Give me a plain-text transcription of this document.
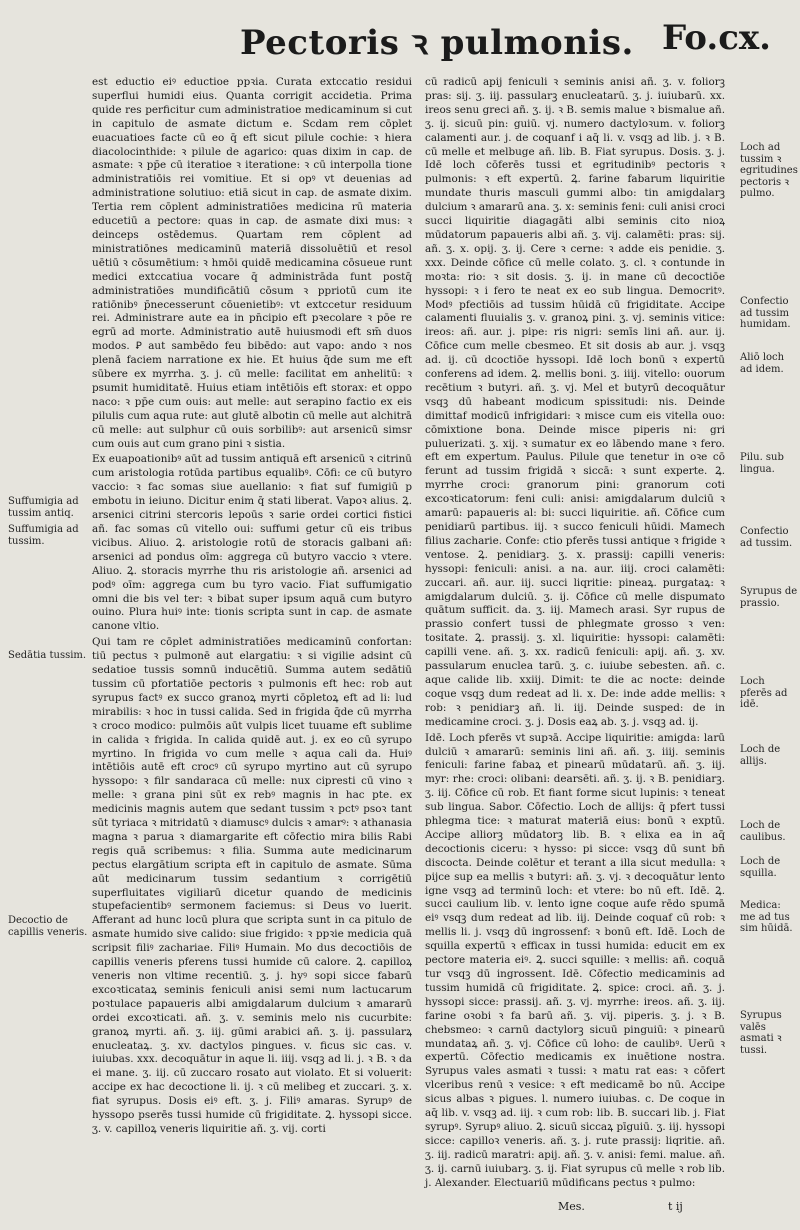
Pectoris ꝛ pulmonis. Fo.cx.
Suffumigia ad tussim antiq.
Suffumigia ad tussim.
Sedātia tussim.
Decoctio de capillis veneris.

est eductio eiꝰ eductioe ppꝛia. Curata extccatio residui superflui humidi eius. Quanta corrigit accidetia. Prima quide res perficitur cum administratioe medicaminum si cut in capitulo de asmate dictum e. Scdam rem cōplet euacuatioes facte cū eo q̄ eft sicut pilule cochie: ꝛ hiera diacolocinthide: ꝛ pilule de agarico: quas dixim in cap. de asmate: ꝛ pp̄e cū iteratioe ꝛ iteratione: ꝛ cū interpolla tione administratiōis rei vomitiue. Et si opꝰ vt deuenias ad administratione solutiuo: etiā sicut in cap. de asmate dixim. Tertia rem cōplent administratiōes medicina rū materia educetiū a pectore: quas in cap. de asmate dixi mus: ꝛ deinceps ostēdemus. Quartam rem cōplent ad ministratiōnes medicaminū materiā dissoluētiū et resol uētiū ꝛ cōsumētium: ꝛ hmōi quidē medicamina cōsueue runt medici extccatiua vocare q̄ administrāda funt postq̄ administratiōes mundificātiū cōsum ꝛ ppriotū cum ite ratiōnibꝰ p̄necesserunt cōuenietibꝰ: vt extccetur residuum rei. Administrare aute ea in pn̄cipio eft pꝛecolare ꝛ pōe re egrū ad morte. Administratio autē huiusmodi eft sm̄ duos modos. Ꝑ aut sambēdo feu bibēdo: aut vapo: ando ꝛ nos plenā faciem narratione ex hie. Et huius q̄de sum me eft sūbere ex myrrha. ʒ. j. cū melle: facilitat em anhelitū: ꝛ psumit humiditatē. Huius etiam intētiōis eft storax: et oppo naco: ꝛ pp̄e cum ouis: aut melle: aut serapino factio ex eis pilulis cum aqua rute: aut glutē albotin cū melle aut alchitrā cū melle: aut sulphur cū ouis sorbilibꝰ: aut arsenicū simsr cum ouis aut cum grano pini ꝛ sistia.

Ex euapoationibꝰ aūt ad tussim antiquā eft arsenicū ꝛ citrinū cum aristologia rotūda partibus equalibꝰ. Cōfi: ce cū butyro vaccio: ꝛ fac somas siue auellanio: ꝛ fiat suf fumigiū p embotu in ieiuno. Dicitur enim q̄ stati liberat. Vapoꝛ alius. Ꝝ. arsenici citrini stercoris lepoūs ꝛ sarie ordei cortici fistici añ. fac somas cū vitello oui: suffumi getur cū eis tribus vicibus. Aliuo. Ꝝ. aristologie rotū de storacis galbani añ: arsenici ad pondus oīm: aggrega cū butyro vaccio ꝛ vtere. Aliuo. Ꝝ. storacis myrrhe thu ris aristologie añ. arsenici ad podꝰ oīm: aggrega cum bu tyro vacio. Fiat suffumigatio omni die bis vel ter: ꝛ bibat super ipsum aquā cum butyro ouino. Plura huiꝰ inte: tionis scripta sunt in cap. de asmate canone vltio.

Qui tam re cōplet administratiōes medicaminū confortan: tiū pectus ꝛ pulmonē aut elargatiu: ꝛ si vigilie adsint cū sedatioe tussis somnū inducētiū. Summa autem sedātiū tussim cū pfortatiōe pectoris ꝛ pulmonis eft hec: rob aut syrupus factꝰ ex succo granoꝝ myrti cōpletoꝝ eft ad li: lud mirabilis: ꝛ hoc in tussi calida. Sed in frigida q̄de cū myrrha ꝛ croco modico: pulmōis aūt vulpis licet tuuame eft sublime in calida ꝛ frigida. In calida quidē aut. j. ex eo cū syrupo myrtino. In frigida vo cum melle ꝛ aqua cali da. Huiꝰ intētiōis autē eft crocꝰ cū syrupo myrtino aut cū syrupo hyssopo: ꝛ filr sandaraca cū melle: nux cipresti cū vino ꝛ melle: ꝛ grana pini sūt ex rebꝰ magnis in hac pte. ex medicinis magnis autem que sedant tussim ꝛ pctꝰ psoꝛ tant sūt tyriaca ꝛ mitridatū ꝛ diamuscꝰ dulcis ꝛ amarꝰ: ꝛ athanasia magna ꝛ parua ꝛ diamargarite eft cōfectio mira bilis Rabi regis quā scribemus: ꝛ filia. Summa aute medicinarum pectus elargātium scripta eft in capitulo de asmate. Sūma aūt medicinarum tussim sedantium ꝛ corrigētiū superfluitates vigiliarū dicetur quando de medicinis stupefacientibꝰ sermonem faciemus: si Deus vo luerit. Afferant ad hunc locū plura que scripta sunt in ca pitulo de asmate humido sive calido: siue frigido: ꝛ ppꝛie medicia quā scripsit filiꝰ zachariae. Filiꝰ Humain. Mo dus decoctiōis de capillis veneris pferens tussi humide cū calore. Ꝝ. capilloꝝ veneris non vltime recentiū. ʒ. j. hyꝰ sopi sicce fabarū excoꝛticataꝝ seminis feniculi anisi semi num lactucarum poꝛtulace papaueris albi amigdalarum dulcium ꝛ amararū ordei excoꝛticati. añ. ʒ. v. seminis melo nis cucurbite: granoꝝ myrti. añ. ʒ. iij. gūmi arabici añ. ʒ. ij. passularꝝ enucleataꝝ. ʒ. xv. dactylos pingues. v. ficus sic cas. v. iuiubas. xxx. decoquātur in aque li. iiij. vsqꝫ ad li. j. ꝛ B. ꝛ da ei mane. ʒ. iij. cū zuccaro rosato aut violato. Et si voluerit: accipe ex hac decoctione li. ij. ꝛ cū melibeg et zuccari. ʒ. x. fiat syrupus. Dosis eiꝰ eft. ʒ. j. Filiꝰ amaras. Syrupꝰ de hyssopo pserēs tussi humide cū frigiditate. Ꝝ. hyssopi sicce. ʒ. v. capilloꝝ veneris liquiritie añ. ʒ. vij. corti

cū radicū apij feniculi ꝛ seminis anisi añ. ʒ. v. foliorꝫ pras: sij. ʒ. iij. passularꝫ enucleatarū. ʒ. j. iuiubarū. xx. ireos senu greci añ. ʒ. ij. ꝛ B. semis malue ꝛ bismalue añ. ʒ. ij. sicuū pin: guiū. vj. numero dactyloꝛum. v. foliorꝫ calamenti aur. j. de coquanf i aq̄ li. v. vsqꝫ ad lib. j. ꝛ B. cū melle et melbuge añ. lib. B. Fiat syrupus. Dosis. ʒ. j. Idē loch cōferēs tussi et egritudinibꝰ pectoris ꝛ pulmonis: ꝛ eft expertū. Ꝝ. farine fabarum liquiritie mundate thuris masculi gummi albo: tin amigdalarꝫ dulcium ꝛ amararū ana. ʒ. x: seminis feni: culi anisi croci succi liquiritie diagagāti albi seminis cito nioꝝ mūdatorum papaueris albi añ. ʒ. vij. calamēti: pras: sij. añ. ʒ. x. opij. ʒ. ij. Cere ꝛ cerne: ꝛ adde eis penidie. ʒ. xxx. Deinde cōfice cū melle colato. ʒ. cl. ꝛ contunde in moꝛta: rio: ꝛ sit dosis. ʒ. ij. in mane cū decoctiōe hyssopi: ꝛ i fero te neat ex eo sub lingua. Democritꝰ. Modꝰ pfectiōis ad tussim hūidā cū frigiditate. Accipe calamenti fluuialis ʒ. v. granoꝝ pini. ʒ. vj. seminis vitice: ireos: añ. aur. j. pipe: ris nigri: semīs lini añ. aur. ij. Cōfice cum melle cbesmeo. Et sit dosis ab aur. j. vsqꝫ ad. ij. cū dcoctiōe hyssopi. Idē loch bonū ꝛ expertū conferens ad idem. Ꝝ. mellis boni. ʒ. iiij. vitello: ouorum recētium ꝛ butyri. añ. ʒ. vj. Mel et butyrū decoquātur vsqꝫ dū habeant modicum spissitudi: nis. Deinde dimittaf modicū infrigidari: ꝛ misce cum eis vitella ouo: cōmixtione bona. Deinde misce piperis ni: gri puluerizati. ʒ. xij. ꝛ sumatur ex eo lābendo mane ꝛ fero. eft em expertum. Paulus. Pilule que tenetur in oꝛe cō ferunt ad tussim frigidā ꝛ siccā: ꝛ sunt experte. Ꝝ. myrrhe croci: granorum pini: granorum coti excoꝛticatorum: feni culi: anisi: amigdalarum dulciū ꝛ amarū: papaueris al: bi: succi liquiritie. añ. Cōfice cum penidiarū partibus. iij. ꝛ succo feniculi hūidi. Mamech filius zacharie. Confe: ctio pferēs tussi antique ꝛ frigide ꝛ ventose. Ꝝ. penidiarꝫ. ʒ. x. prassij: capilli veneris: hyssopi: feniculi: anisi. a na. aur. iiij. croci calamēti: zuccari. añ. aur. iij. succi liqritie: pineaꝝ. purgataꝝ: ꝛ amigdalarum dulciū. ʒ. ij. Cōfice cū melle dispumato quātum sufficit. da. ʒ. iij. Mamech arasi. Syr rupus de prassio confert tussi de phlegmate grosso ꝛ ven: tositate. Ꝝ. prassij. ʒ. xl. liquiritie: hyssopi: calamēti: capilli vene. añ. ʒ. xx. radicū feniculi: apij. añ. ʒ. xv. passularum enuclea tarū. ʒ. c. iuiube sebesten. añ. c. aque calide lib. xxiij. Dimit: te die ac nocte: deinde coque vsqꝫ dum redeat ad li. x. De: inde adde mellis: ꝛ rob: ꝛ penidiarꝫ añ. li. iij. Deinde susped: de in medicamine croci. ʒ. j. Dosis eaꝝ ab. ʒ. j. vsqꝫ ad. ij.

Idē. Loch pferēs vt supꝛā. Accipe liquiritie: amigda: larū dulciū ꝛ amararū: seminis lini añ. añ. ʒ. iiij. seminis feniculi: farine fabaꝝ et pinearū mūdatarū. añ. ʒ. iij. myr: rhe: croci: olibani: dearsēti. añ. ʒ. ij. ꝛ B. penidiarꝫ. ʒ. iij. Cōfice cū rob. Et fiant forme sicut lupinis: ꝛ teneat sub lingua. Sabor. Cōfectio. Loch de allijs: q̄ pfert tussi phlegma tice: ꝛ maturat materiā eius: bonū ꝛ exptū. Accipe alliorꝫ mūdatorꝫ lib. B. ꝛ elixa ea in aq̄ decoctionis ciceru: ꝛ hysso: pi sicce: vsqꝫ dū sunt bn̄ discocta. Deinde colētur et terant a illa sicut medulla: ꝛ pijce sup ea mellis ꝛ butyri: añ. ʒ. vj. ꝛ decoquātur lento igne vsqꝫ ad terminū loch: et vtere: bo nū eft. Idē. Ꝝ. succi caulium lib. v. lento igne coque aufe rēdo spumā eiꝰ vsqꝫ dum redeat ad lib. iij. Deinde coquaf cū rob: ꝛ mellis li. j. vsqꝫ dū ingrossenf: ꝛ bonū eft. Idē. Loch de squilla expertū ꝛ efficax in tussi humida: educit em ex pectore materia eiꝰ. Ꝝ. succi squille: ꝛ mellis: añ. coquā tur vsqꝫ dū ingrossent. Idē. Cōfectio medicaminis ad tussim humidā cū frigiditate. Ꝝ. spice: croci. añ. ʒ. j. hyssopi sicce: prassij. añ. ʒ. vj. myrrhe: ireos. añ. ʒ. iij. farine oꝛobi ꝛ fa barū añ. ʒ. vij. piperis. ʒ. j. ꝛ B. chebsmeo: ꝛ carnū dactylorꝫ sicuū pinguiū: ꝛ pinearū mundataꝝ añ. ʒ. vj. Cōfice cū loho: de caulibꝰ. Uerū ꝛ expertū. Cōfectio medicamis ex inuētione nostra. Syrupus vales asmati ꝛ tussi: ꝛ matu rat eas: ꝛ cōfert vlceribus renū ꝛ vesice: ꝛ eft medicamē bo nū. Accipe sicus albas ꝛ pigues. l. numero iuiubas. c. De coque in aq̄ lib. v. vsqꝫ ad. iij. ꝛ cum rob: lib. B. succari lib. j. Fiat syrupꝰ. Syrupꝰ aliuo. Ꝝ. sicuū siccaꝝ pīguiū. ʒ. iij. hyssopi sicce: capilloꝛ veneris. añ. ʒ. j. rute prassij: liqritie. añ. ʒ. iij. radicū maratri: apij. añ. ʒ. v. anisi: femi. malue. añ. ʒ. ij. carnū iuiubarꝫ. ʒ. ij. Fiat syrupus cū melle ꝛ rob lib. j. Alexander. Electuariū mūdificans pectus ꝛ pulmo:

Loch ad tussim ꝛ egritudines pectoris ꝛ pulmo.
Confectio ad tussim humidam.
Aliō loch ad idem.
Pilu. sub lingua.
Confectio ad tussim.
Syrupus de prassio.
Loch pferēs ad idē.
Loch de allijs.
Loch de caulibus.
Loch de squilla.
Medica: me ad tus sim hūidā.
Syrupus valēs asmati ꝛ tussi.
Mes.	t ij
